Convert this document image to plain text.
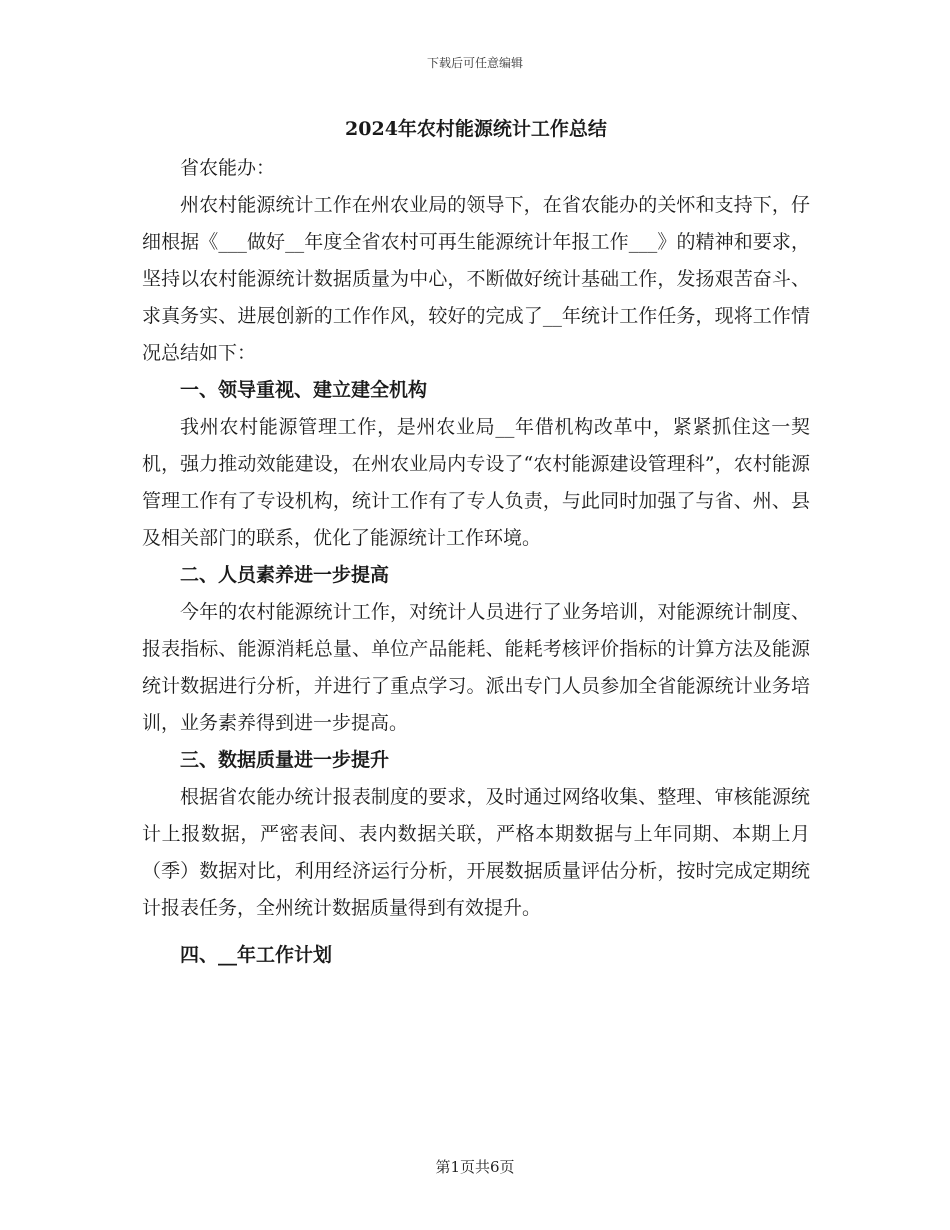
下载后可任意编辑
2024年农村能源统计工作总结

省农能办：

州农村能源统计工作在州农业局的领导下，在省农能办的关怀和支持下，仔细根据《___做好__年度全省农村可再生能源统计年报工作___》的精神和要求，坚持以农村能源统计数据质量为中心，不断做好统计基础工作，发扬艰苦奋斗、求真务实、进展创新的工作作风，较好的完成了__年统计工作任务，现将工作情况总结如下：

一、领导重视、建立建全机构

我州农村能源管理工作，是州农业局__年借机构改革中，紧紧抓住这一契机，强力推动效能建设，在州农业局内专设了“农村能源建设管理科”，农村能源管理工作有了专设机构，统计工作有了专人负责，与此同时加强了与省、州、县及相关部门的联系，优化了能源统计工作环境。

二、人员素养进一步提高

今年的农村能源统计工作，对统计人员进行了业务培训，对能源统计制度、报表指标、能源消耗总量、单位产品能耗、能耗考核评价指标的计算方法及能源统计数据进行分析，并进行了重点学习。派出专门人员参加全省能源统计业务培训，业务素养得到进一步提高。

三、数据质量进一步提升

根据省农能办统计报表制度的要求，及时通过网络收集、整理、审核能源统计上报数据，严密表间、表内数据关联，严格本期数据与上年同期、本期上月（季）数据对比，利用经济运行分析，开展数据质量评估分析，按时完成定期统计报表任务，全州统计数据质量得到有效提升。

四、__年工作计划
第1页共6页
